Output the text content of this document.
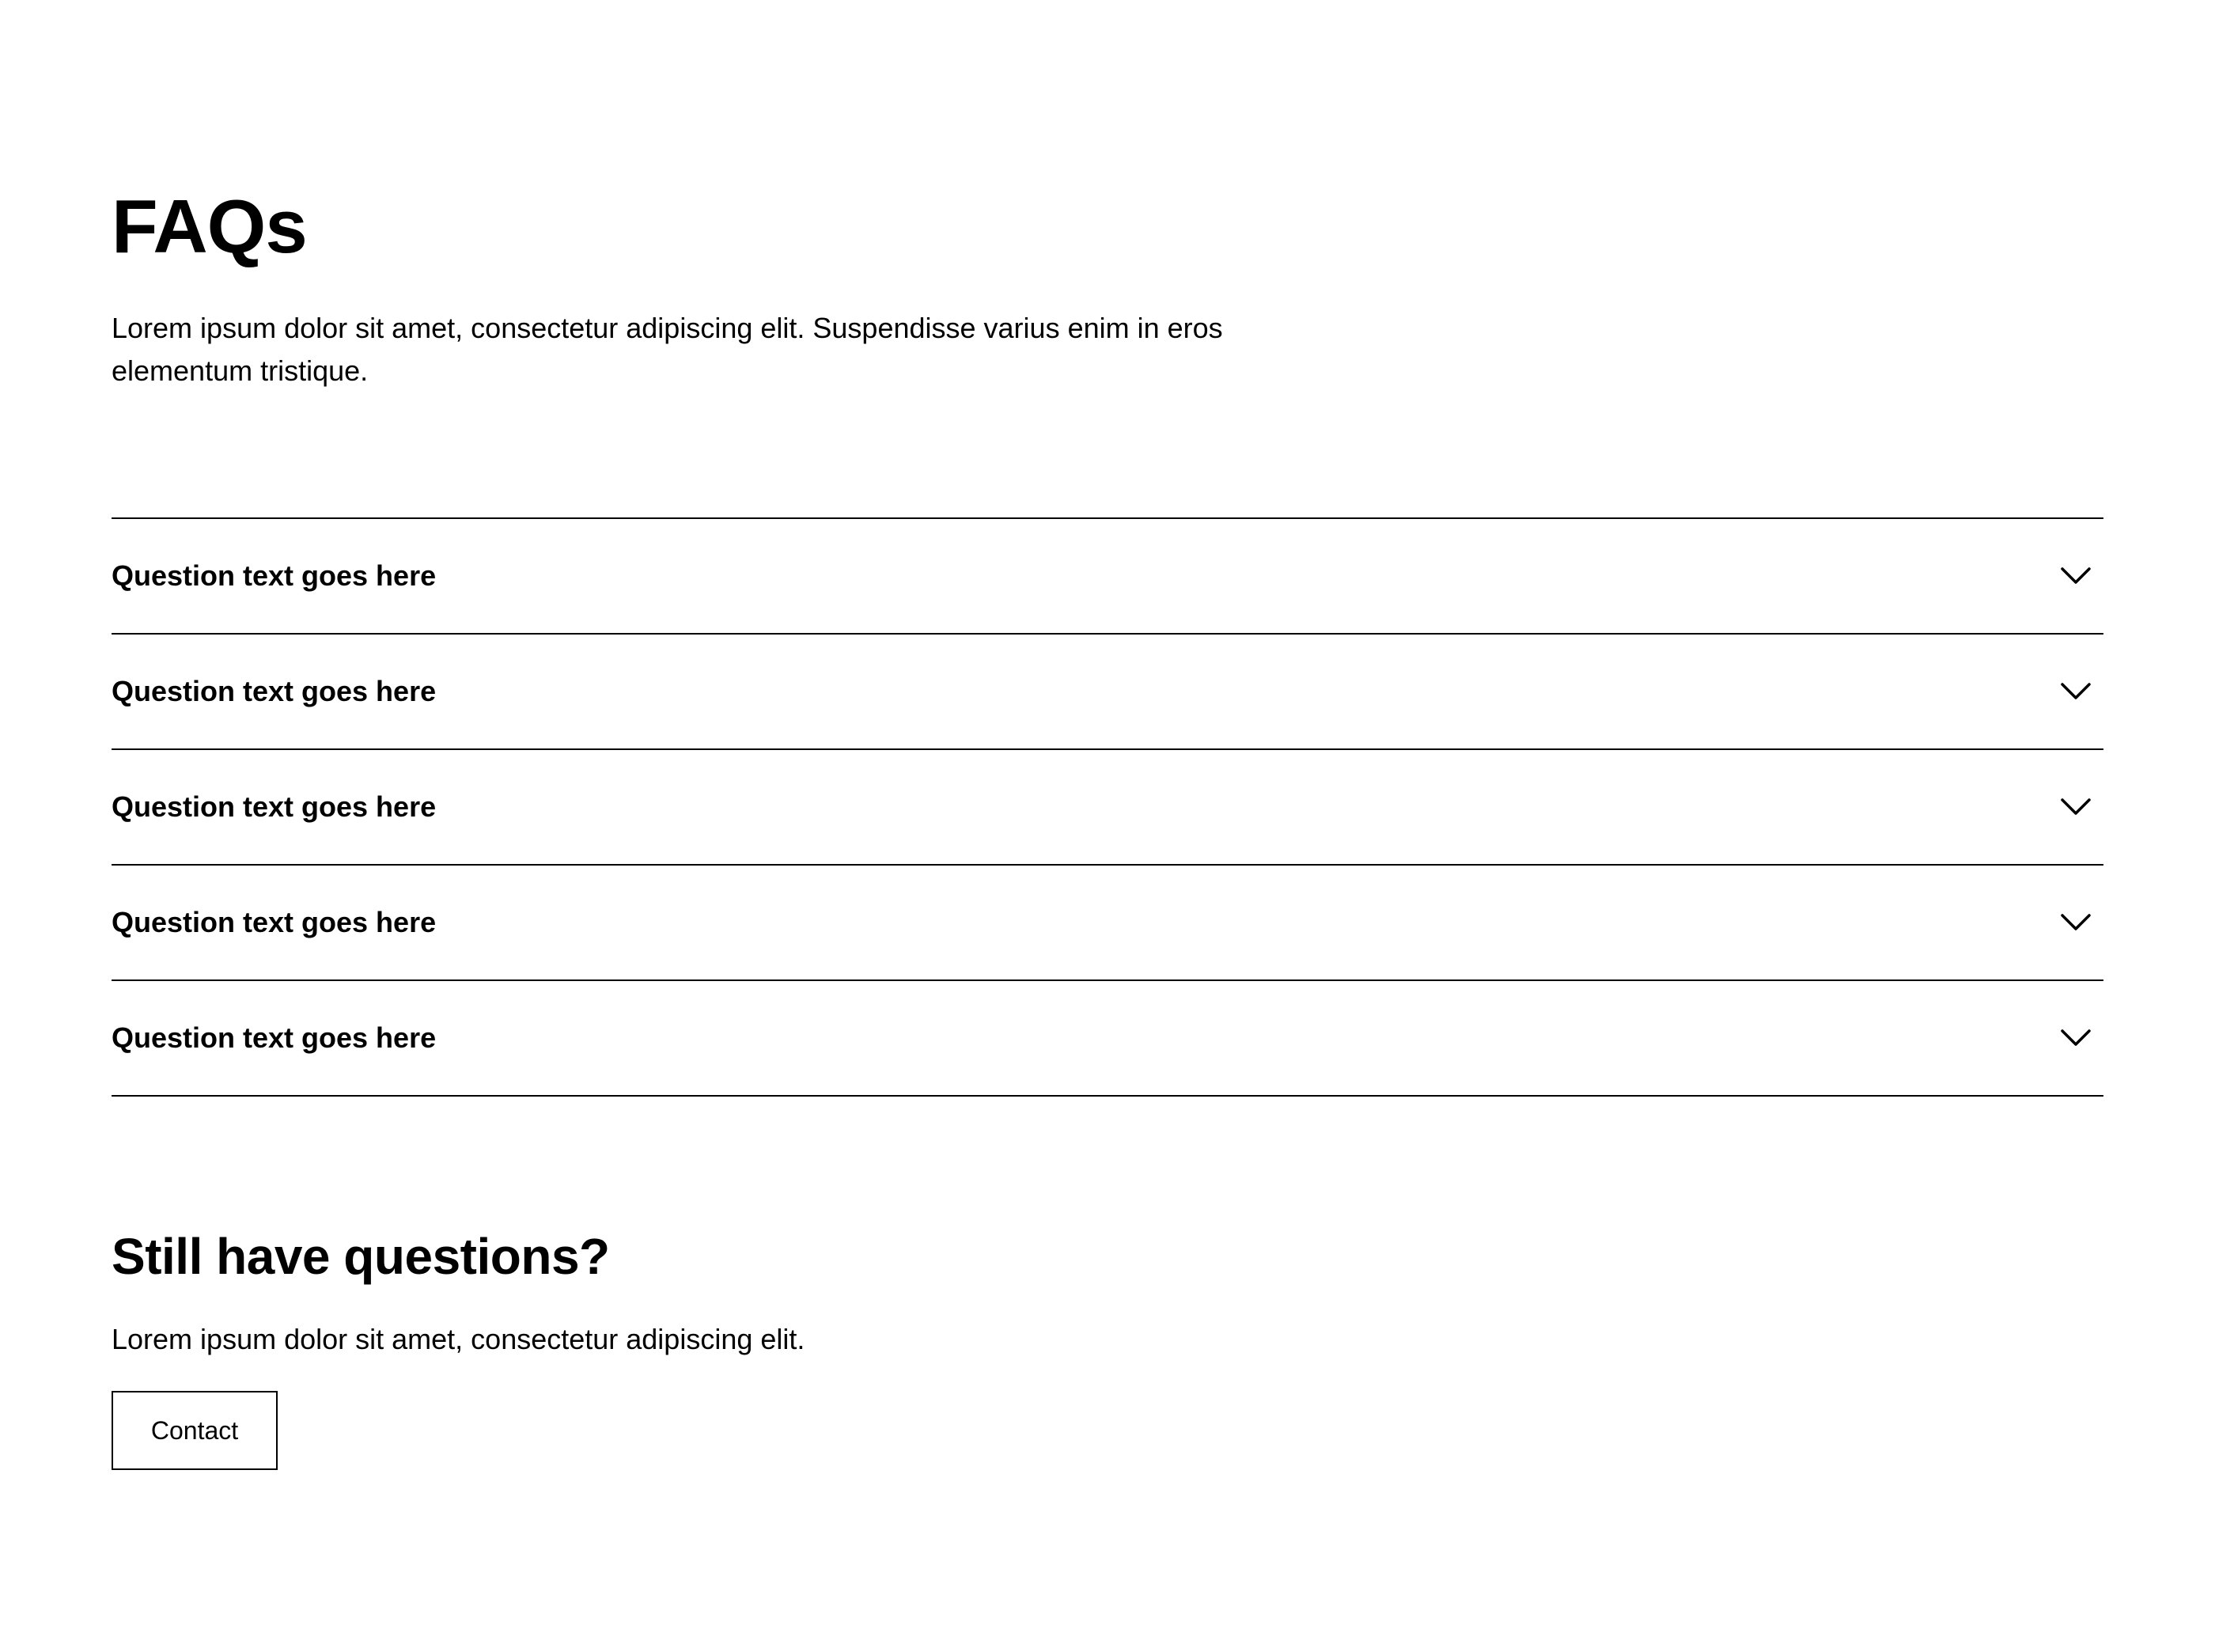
FAQs

Lorem ipsum dolor sit amet, consectetur adipiscing elit. Suspendisse varius enim in eros elementum tristique.

Question text goes here
Question text goes here
Question text goes here
Question text goes here
Question text goes here
Still have questions?

Lorem ipsum dolor sit amet, consectetur adipiscing elit.

Contact
